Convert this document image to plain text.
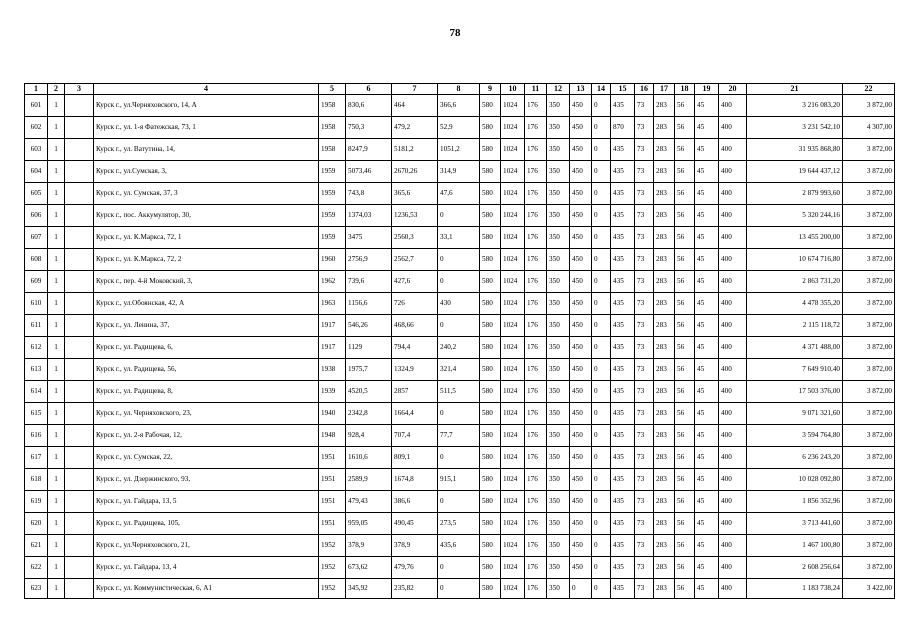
78
1	2	3	4	5	6	7	8	9	10	11	12	13	14	15	16	17	18	19	20	21	22
601	1		Курск г., ул.Черняховского, 14, А	1958	830,6	464	366,6	580	1024	176	350	450	0	435	73	283	56	45	400	3 216 083,20	3 872,00
602	1		Курск г., ул. 1-я Фатежская, 73, 1	1958	750,3	479,2	52,9	580	1024	176	350	450	0	870	73	283	56	45	400	3 231 542,10	4 307,00
603	1		Курск г., ул. Ватутина, 14,	1958	8247,9	5181,2	1051,2	580	1024	176	350	450	0	435	73	283	56	45	400	31 935 868,80	3 872,00
604	1		Курск г., ул.Сумская, 3,	1959	5073,46	2670,26	314,9	580	1024	176	350	450	0	435	73	283	56	45	400	19 644 437,12	3 872,00
605	1		Курск г., ул. Сумская, 37, 3	1959	743,8	365,6	47,6	580	1024	176	350	450	0	435	73	283	56	45	400	2 879 993,60	3 872,00
606	1		Курск г., пос. Аккумулятор, 30,	1959	1374,03	1236,53	0	580	1024	176	350	450	0	435	73	283	56	45	400	5 320 244,16	3 872,00
607	1		Курск г., ул. К.Маркса, 72, 1	1959	3475	2560,3	33,1	580	1024	176	350	450	0	435	73	283	56	45	400	13 455 200,00	3 872,00
608	1		Курск г., ул. К.Маркса, 72, 2	1960	2756,9	2562,7	0	580	1024	176	350	450	0	435	73	283	56	45	400	10 674 716,80	3 872,00
609	1		Курск г., пер. 4-й Моковский, 3,	1962	739,6	427,6	0	580	1024	176	350	450	0	435	73	283	56	45	400	2 863 731,20	3 872,00
610	1		Курск г., ул.Обоянская, 42, А	1963	1156,6	726	430	580	1024	176	350	450	0	435	73	283	56	45	400	4 478 355,20	3 872,00
611	1		Курск г., ул. Ленина, 37,	1917	546,26	468,66	0	580	1024	176	350	450	0	435	73	283	56	45	400	2 115 118,72	3 872,00
612	1		Курск г., ул. Радищева, 6,	1917	1129	794,4	240,2	580	1024	176	350	450	0	435	73	283	56	45	400	4 371 488,00	3 872,00
613	1		Курск г., ул. Радищева, 56,	1938	1975,7	1324,9	321,4	580	1024	176	350	450	0	435	73	283	56	45	400	7 649 910,40	3 872,00
614	1		Курск г., ул. Радищева, 8,	1939	4520,5	2857	511,5	580	1024	176	350	450	0	435	73	283	56	45	400	17 503 376,00	3 872,00
615	1		Курск г., ул. Черняховского, 23,	1940	2342,8	1664,4	0	580	1024	176	350	450	0	435	73	283	56	45	400	9 071 321,60	3 872,00
616	1		Курск г., ул. 2-я Рабочая, 12,	1948	928,4	707,4	77,7	580	1024	176	350	450	0	435	73	283	56	45	400	3 594 764,80	3 872,00
617	1		Курск г., ул. Сумская, 22,	1951	1610,6	809,1	0	580	1024	176	350	450	0	435	73	283	56	45	400	6 236 243,20	3 872,00
618	1		Курск г., ул. Дзержинского, 93,	1951	2589,9	1674,8	915,1	580	1024	176	350	450	0	435	73	283	56	45	400	10 028 092,80	3 872,00
619	1		Курск г., ул. Гайдара, 13, 5	1951	479,43	386,6	0	580	1024	176	350	450	0	435	73	283	56	45	400	1 856 352,96	3 872,00
620	1		Курск г., ул. Радищева, 105,	1951	959,05	490,45	273,5	580	1024	176	350	450	0	435	73	283	56	45	400	3 713 441,60	3 872,00
621	1		Курск г., ул.Черняховского, 21,	1952	378,9	378,9	435,6	580	1024	176	350	450	0	435	73	283	56	45	400	1 467 100,80	3 872,00
622	1		Курск г., ул. Гайдара, 13, 4	1952	673,62	479,76	0	580	1024	176	350	450	0	435	73	283	56	45	400	2 608 256,64	3 872,00
623	1		Курск г., ул. Коммунистическая, 6, А1	1952	345,92	235,82	0	580	1024	176	350	0	0	435	73	283	56	45	400	1 183 738,24	3 422,00
